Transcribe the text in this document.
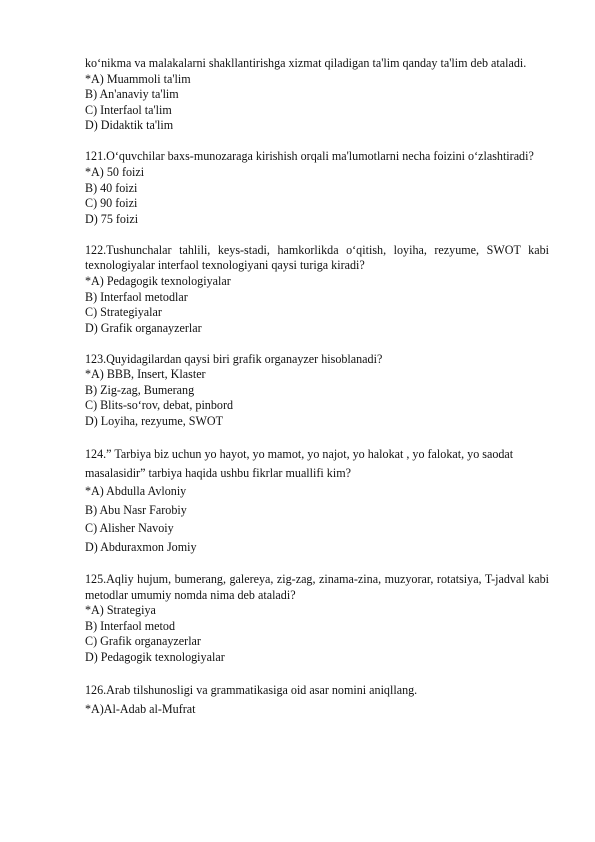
ko‘nikma va malakalarni shakllantirishga xizmat qiladigan ta'lim qanday ta'lim deb ataladi.
*A) Muammoli ta'lim
B) An'anaviy ta'lim
C) Interfaol ta'lim
D) Didaktik ta'lim
121.O‘quvchilar baxs-munozaraga kirishish orqali ma'lumotlarni necha foizini o‘zlashtiradi?
*A) 50 foizi
B) 40 foizi
C) 90 foizi
D) 75 foizi
122.Tushunchalar tahlili, keys-stadi, hamkorlikda o‘qitish, loyiha, rezyume, SWOT kabi texnologiyalar interfaol texnologiyani qaysi turiga kiradi?
*A) Pedagogik texnologiyalar
B) Interfaol metodlar
C) Strategiyalar
D) Grafik organayzerlar
123.Quyidagilardan qaysi biri grafik organayzer hisoblanadi?
*A) BBB, Insert, Klaster
B) Zig-zag, Bumerang
C) Blits-so‘rov, debat, pinbord
D) Loyiha, rezyume, SWOT
124.” Tarbiya biz uchun yo hayot, yo mamot, yo najot, yo halokat , yo falokat, yo saodat masalasidir” tarbiya haqida ushbu fikrlar muallifi kim?
*A) Abdulla Avloniy
B) Abu Nasr Farobiy
C) Alisher Navoiy
D) Abduraxmon Jomiy
125.Aqliy hujum, bumerang, galereya, zig-zag, zinama-zina, muzyorar, rotatsiya, T-jadval kabi metodlar umumiy nomda nima deb ataladi?
*A) Strategiya
B) Interfaol metod
C) Grafik organayzerlar
D) Pedagogik texnologiyalar
126.Arab tilshunosligi va grammatikasiga oid asar nomini aniqllang.
*A)Al-Adab al-Mufrat
